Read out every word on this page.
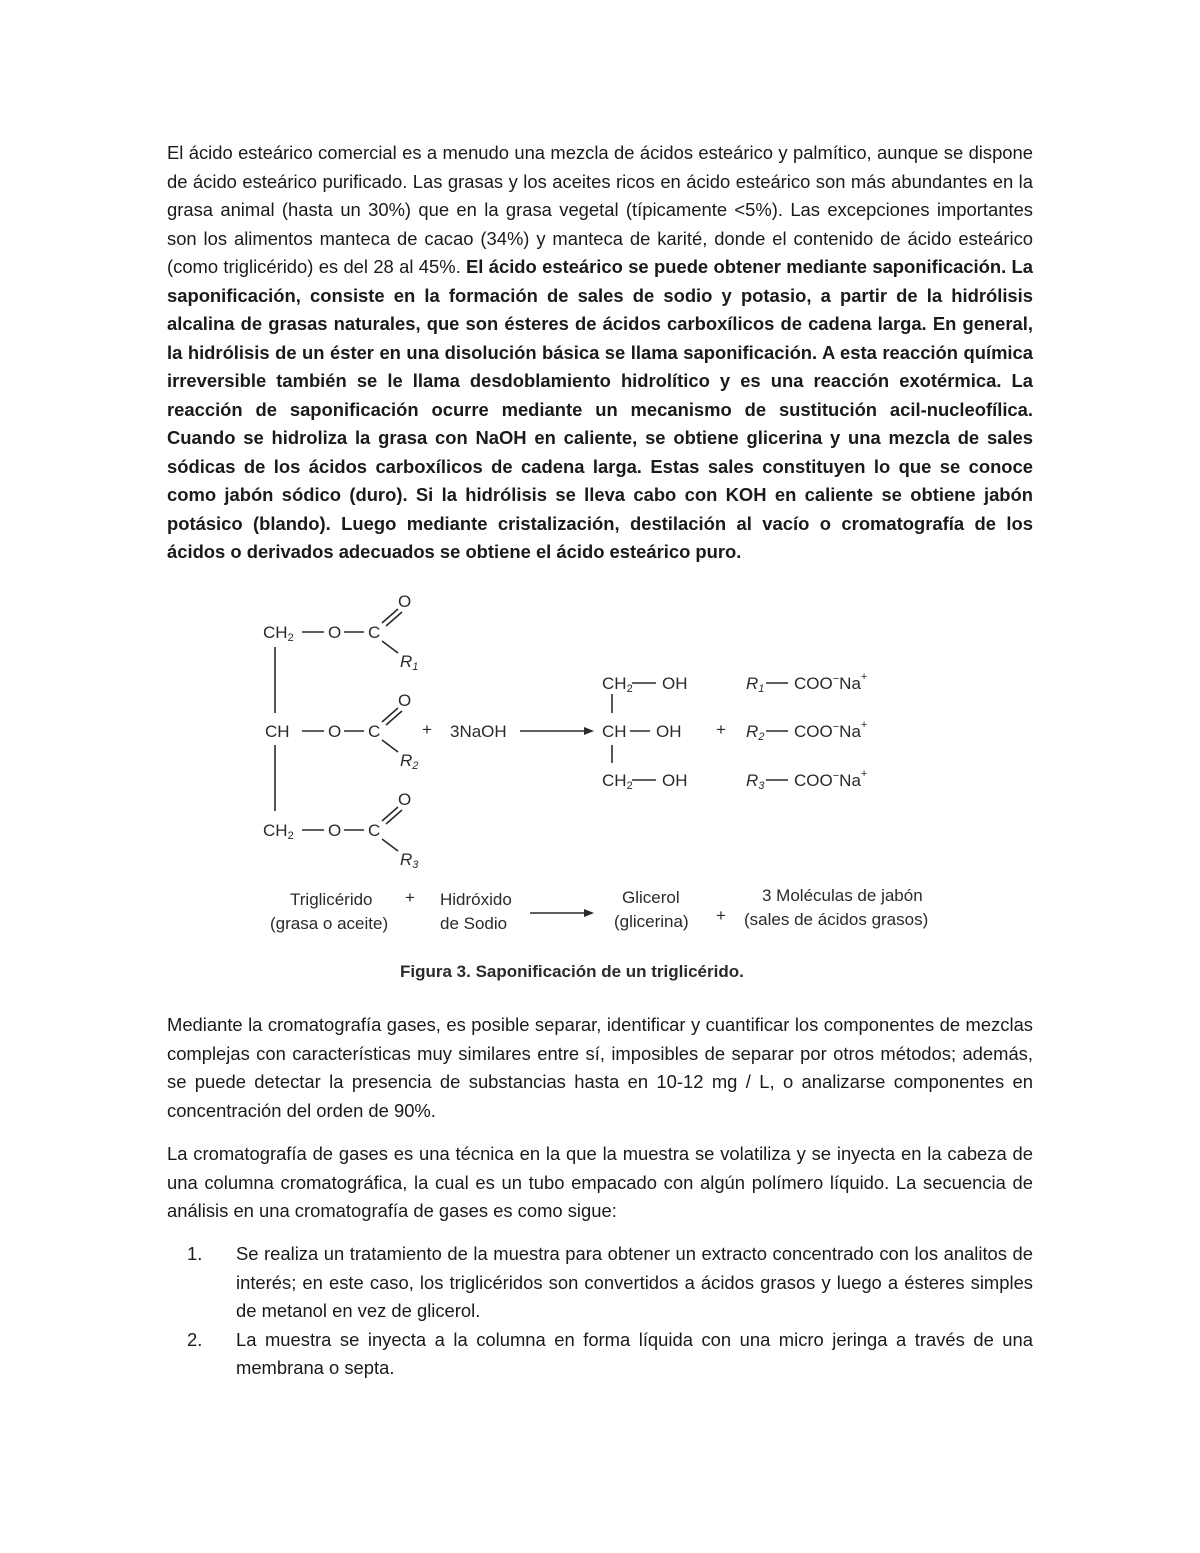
El ácido esteárico comercial es a menudo una mezcla de ácidos esteárico y palmítico, aunque se dispone de ácido esteárico purificado. Las grasas y los aceites ricos en ácido esteárico son más abundantes en la grasa animal (hasta un 30%) que en la grasa vegetal (típicamente <5%). Las excepciones importantes son los alimentos manteca de cacao (34%) y manteca de karité, donde el contenido de ácido esteárico (como triglicérido) es del 28 al 45%. El ácido esteárico se puede obtener mediante saponificación. La saponificación, consiste en la formación de sales de sodio y potasio, a partir de la hidrólisis alcalina de grasas naturales, que son ésteres de ácidos carboxílicos de cadena larga. En general, la hidrólisis de un éster en una disolución básica se llama saponificación. A esta reacción química irreversible también se le llama desdoblamiento hidrolítico y es una reacción exotérmica. La reacción de saponificación ocurre mediante un mecanismo de sustitución acil-nucleofílica. Cuando se hidroliza la grasa con NaOH en caliente, se obtiene glicerina y una mezcla de sales sódicas de los ácidos carboxílicos de cadena larga. Estas sales constituyen lo que se conoce como jabón sódico (duro). Si la hidrólisis se lleva cabo con KOH en caliente se obtiene jabón potásico (blando). Luego mediante cristalización, destilación al vacío o cromatografía de los ácidos o derivados adecuados se obtiene el ácido esteárico puro.

CH2 O C
O
R1
CH O C
O
R2
CH2 O C
O
R3
+ 3NaOH
CH2 OH
CH OH
CH2 OH
+
R1 COO−Na+
R2 COO−Na+
R3 COO−Na+
Triglicérido
(grasa o aceite)
+ Hidróxido
de Sodio
Glicerol
(glicerina) +
3 Moléculas de jabón
(sales de ácidos grasos)
Figura 3. Saponificación de un triglicérido.

Mediante la cromatografía gases, es posible separar, identificar y cuantificar los componentes de mezclas complejas con características muy similares entre sí, imposibles de separar por otros métodos; además, se puede detectar la presencia de substancias hasta en 10-12 mg / L, o analizarse componentes en concentración del orden de 90%.

La cromatografía de gases es una técnica en la que la muestra se volatiliza y se inyecta en la cabeza de una columna cromatográfica, la cual es un tubo empacado con algún polímero líquido. La secuencia de análisis en una cromatografía de gases es como sigue:

1. Se realiza un tratamiento de la muestra para obtener un extracto concentrado con los analitos de interés; en este caso, los triglicéridos son convertidos a ácidos grasos y luego a ésteres simples de metanol en vez de glicerol.
2. La muestra se inyecta a la columna en forma líquida con una micro jeringa a través de una membrana o septa.
